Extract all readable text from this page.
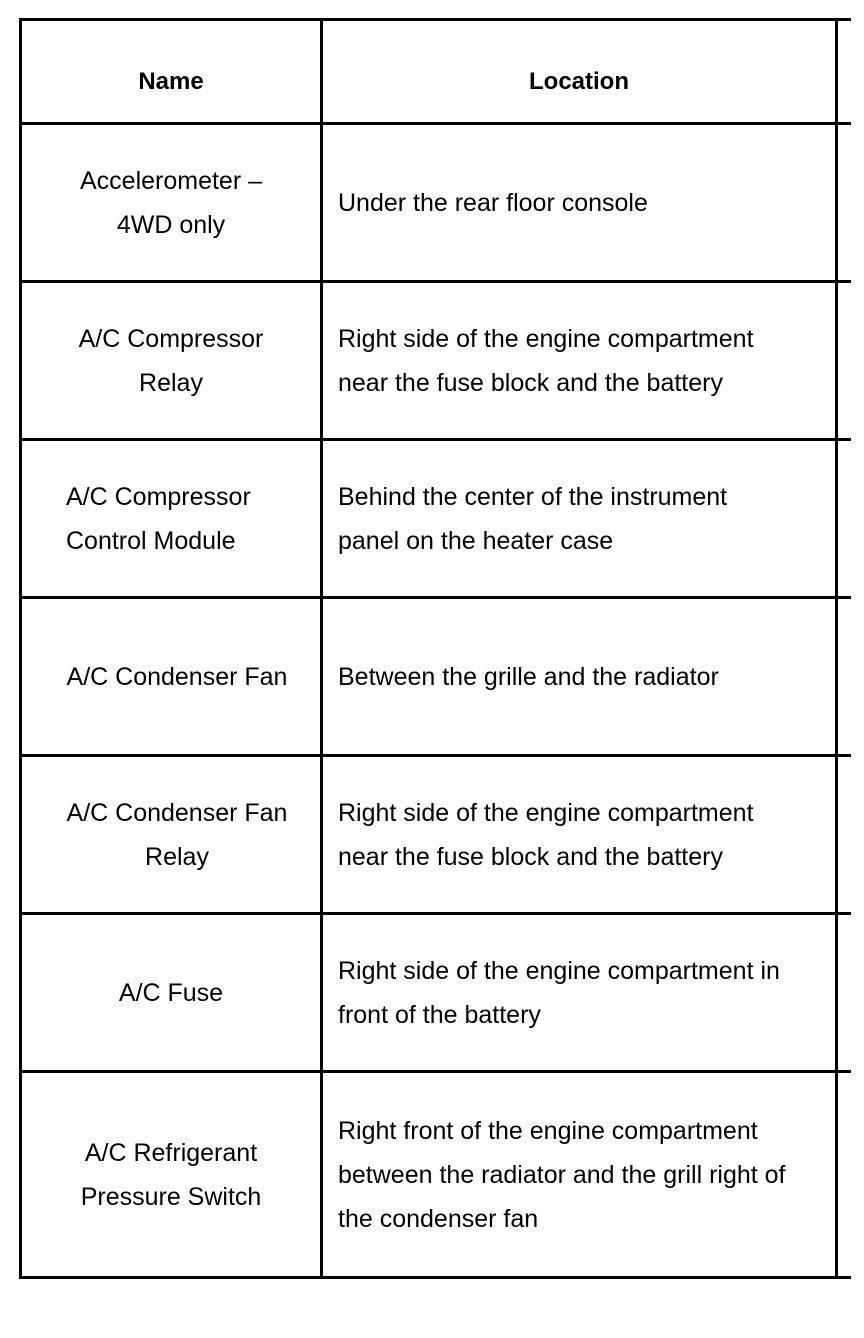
Name	Location	
Accelerometer – 4WD only	Under the rear floor console	
A/C Compressor Relay	Right side of the engine compartment near the fuse block and the battery	
A/C Compressor Control Module	Behind the center of the instrument panel on the heater case	
A/C Condenser Fan	Between the grille and the radiator	
A/C Condenser Fan Relay	Right side of the engine compartment near the fuse block and the battery	
A/C Fuse	Right side of the engine compartment in front of the battery	
A/C Refrigerant Pressure Switch	Right front of the engine compartment between the radiator and the grill right of the condenser fan	
